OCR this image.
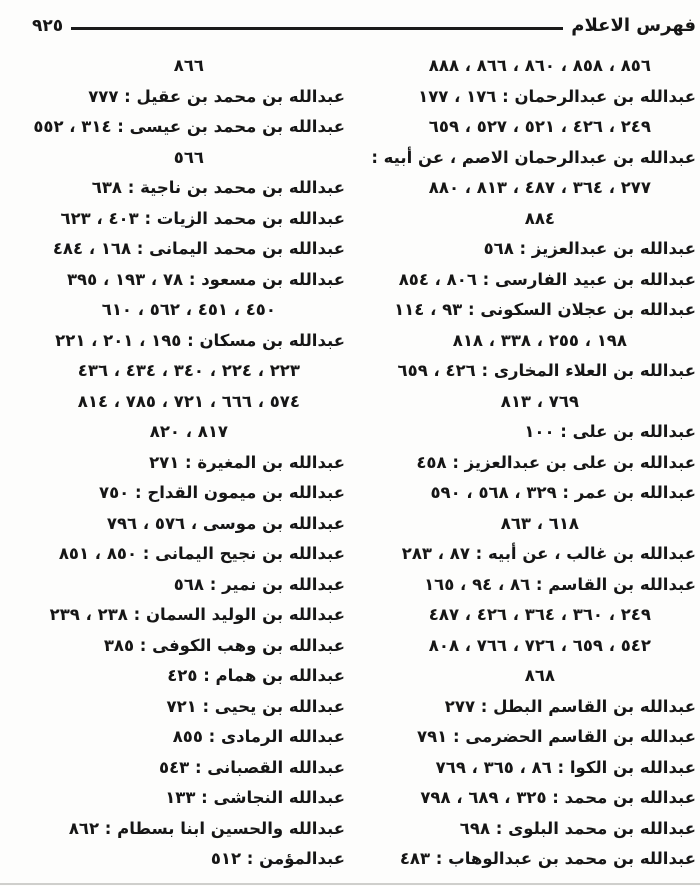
فهرس الاعلام
٩٢٥
٨٥٦ ، ٨٥٨ ، ٨٦٠ ، ٨٦٦ ، ٨٨٨
عبدالله بن عبدالرحمان : ١٧٦ ، ١٧٧
٢٤٩ ، ٤٢٦ ، ٥٢١ ، ٥٢٧ ، ٦٥٩
عبدالله بن عبدالرحمان الاصم ، عن أبيه :
٢٧٧ ، ٣٦٤ ، ٤٨٧ ، ٨١٣ ، ٨٨٠
٨٨٤
عبدالله بن عبدالعزيز : ٥٦٨
عبدالله بن عبيد الفارسى : ٨٠٦ ، ٨٥٤
عبدالله بن عجلان السكونى : ٩٣ ، ١١٤
١٩٨ ، ٢٥٥ ، ٣٣٨ ، ٨١٨
عبدالله بن العلاء المخارى : ٤٢٦ ، ٦٥٩
٧٦٩ ، ٨١٣
عبدالله بن على : ١٠٠
عبدالله بن على بن عبدالعزيز : ٤٥٨
عبدالله بن عمر : ٣٢٩ ، ٥٦٨ ، ٥٩٠
٦١٨ ، ٨٦٣
عبدالله بن غالب ، عن أبيه : ٨٧ ، ٢٨٣
عبدالله بن القاسم : ٨٦ ، ٩٤ ، ١٦٥
٢٤٩ ، ٣٦٠ ، ٣٦٤ ، ٤٢٦ ، ٤٨٧
٥٤٢ ، ٦٥٩ ، ٧٢٦ ، ٧٦٦ ، ٨٠٨
٨٦٨
عبدالله بن القاسم البطل : ٢٧٧
عبدالله بن القاسم الحضرمى : ٧٩١
عبدالله بن الكوا : ٨٦ ، ٣٦٥ ، ٧٦٩
عبدالله بن محمد : ٣٢٥ ، ٦٨٩ ، ٧٩٨
عبدالله بن محمد البلوى : ٦٩٨
عبدالله بن محمد بن عبدالوهاب : ٤٨٣
٨٦٦
عبدالله بن محمد بن عقيل : ٧٧٧
عبدالله بن محمد بن عيسى : ٣١٤ ، ٥٥٢
٥٦٦
عبدالله بن محمد بن ناجية : ٦٣٨
عبدالله بن محمد الزيات : ٤٠٣ ، ٦٢٣
عبدالله بن محمد اليمانى : ١٦٨ ، ٤٨٤
عبدالله بن مسعود : ٧٨ ، ١٩٣ ، ٣٩٥
٤٥٠ ، ٤٥١ ، ٥٦٢ ، ٦١٠
عبدالله بن مسكان : ١٩٥ ، ٢٠١ ، ٢٢١
٢٢٣ ، ٢٢٤ ، ٣٤٠ ، ٤٣٤ ، ٤٣٦
٥٧٤ ، ٦٦٦ ، ٧٢١ ، ٧٨٥ ، ٨١٤
٨١٧ ، ٨٢٠
عبدالله بن المغيرة : ٢٧١
عبدالله بن ميمون القداح : ٧٥٠
عبدالله بن موسى ، ٥٧٦ ، ٧٩٦
عبدالله بن نجيح اليمانى : ٨٥٠ ، ٨٥١
عبدالله بن نمير : ٥٦٨
عبدالله بن الوليد السمان : ٢٣٨ ، ٢٣٩
عبدالله بن وهب الكوفى : ٣٨٥
عبدالله بن همام : ٤٢٥
عبدالله بن يحيى : ٧٢١
عبدالله الرمادى : ٨٥٥
عبدالله القصبانى : ٥٤٣
عبدالله النجاشى : ١٣٣
عبدالله والحسين ابنا بسطام : ٨٦٢
عبدالمؤمن : ٥١٢
